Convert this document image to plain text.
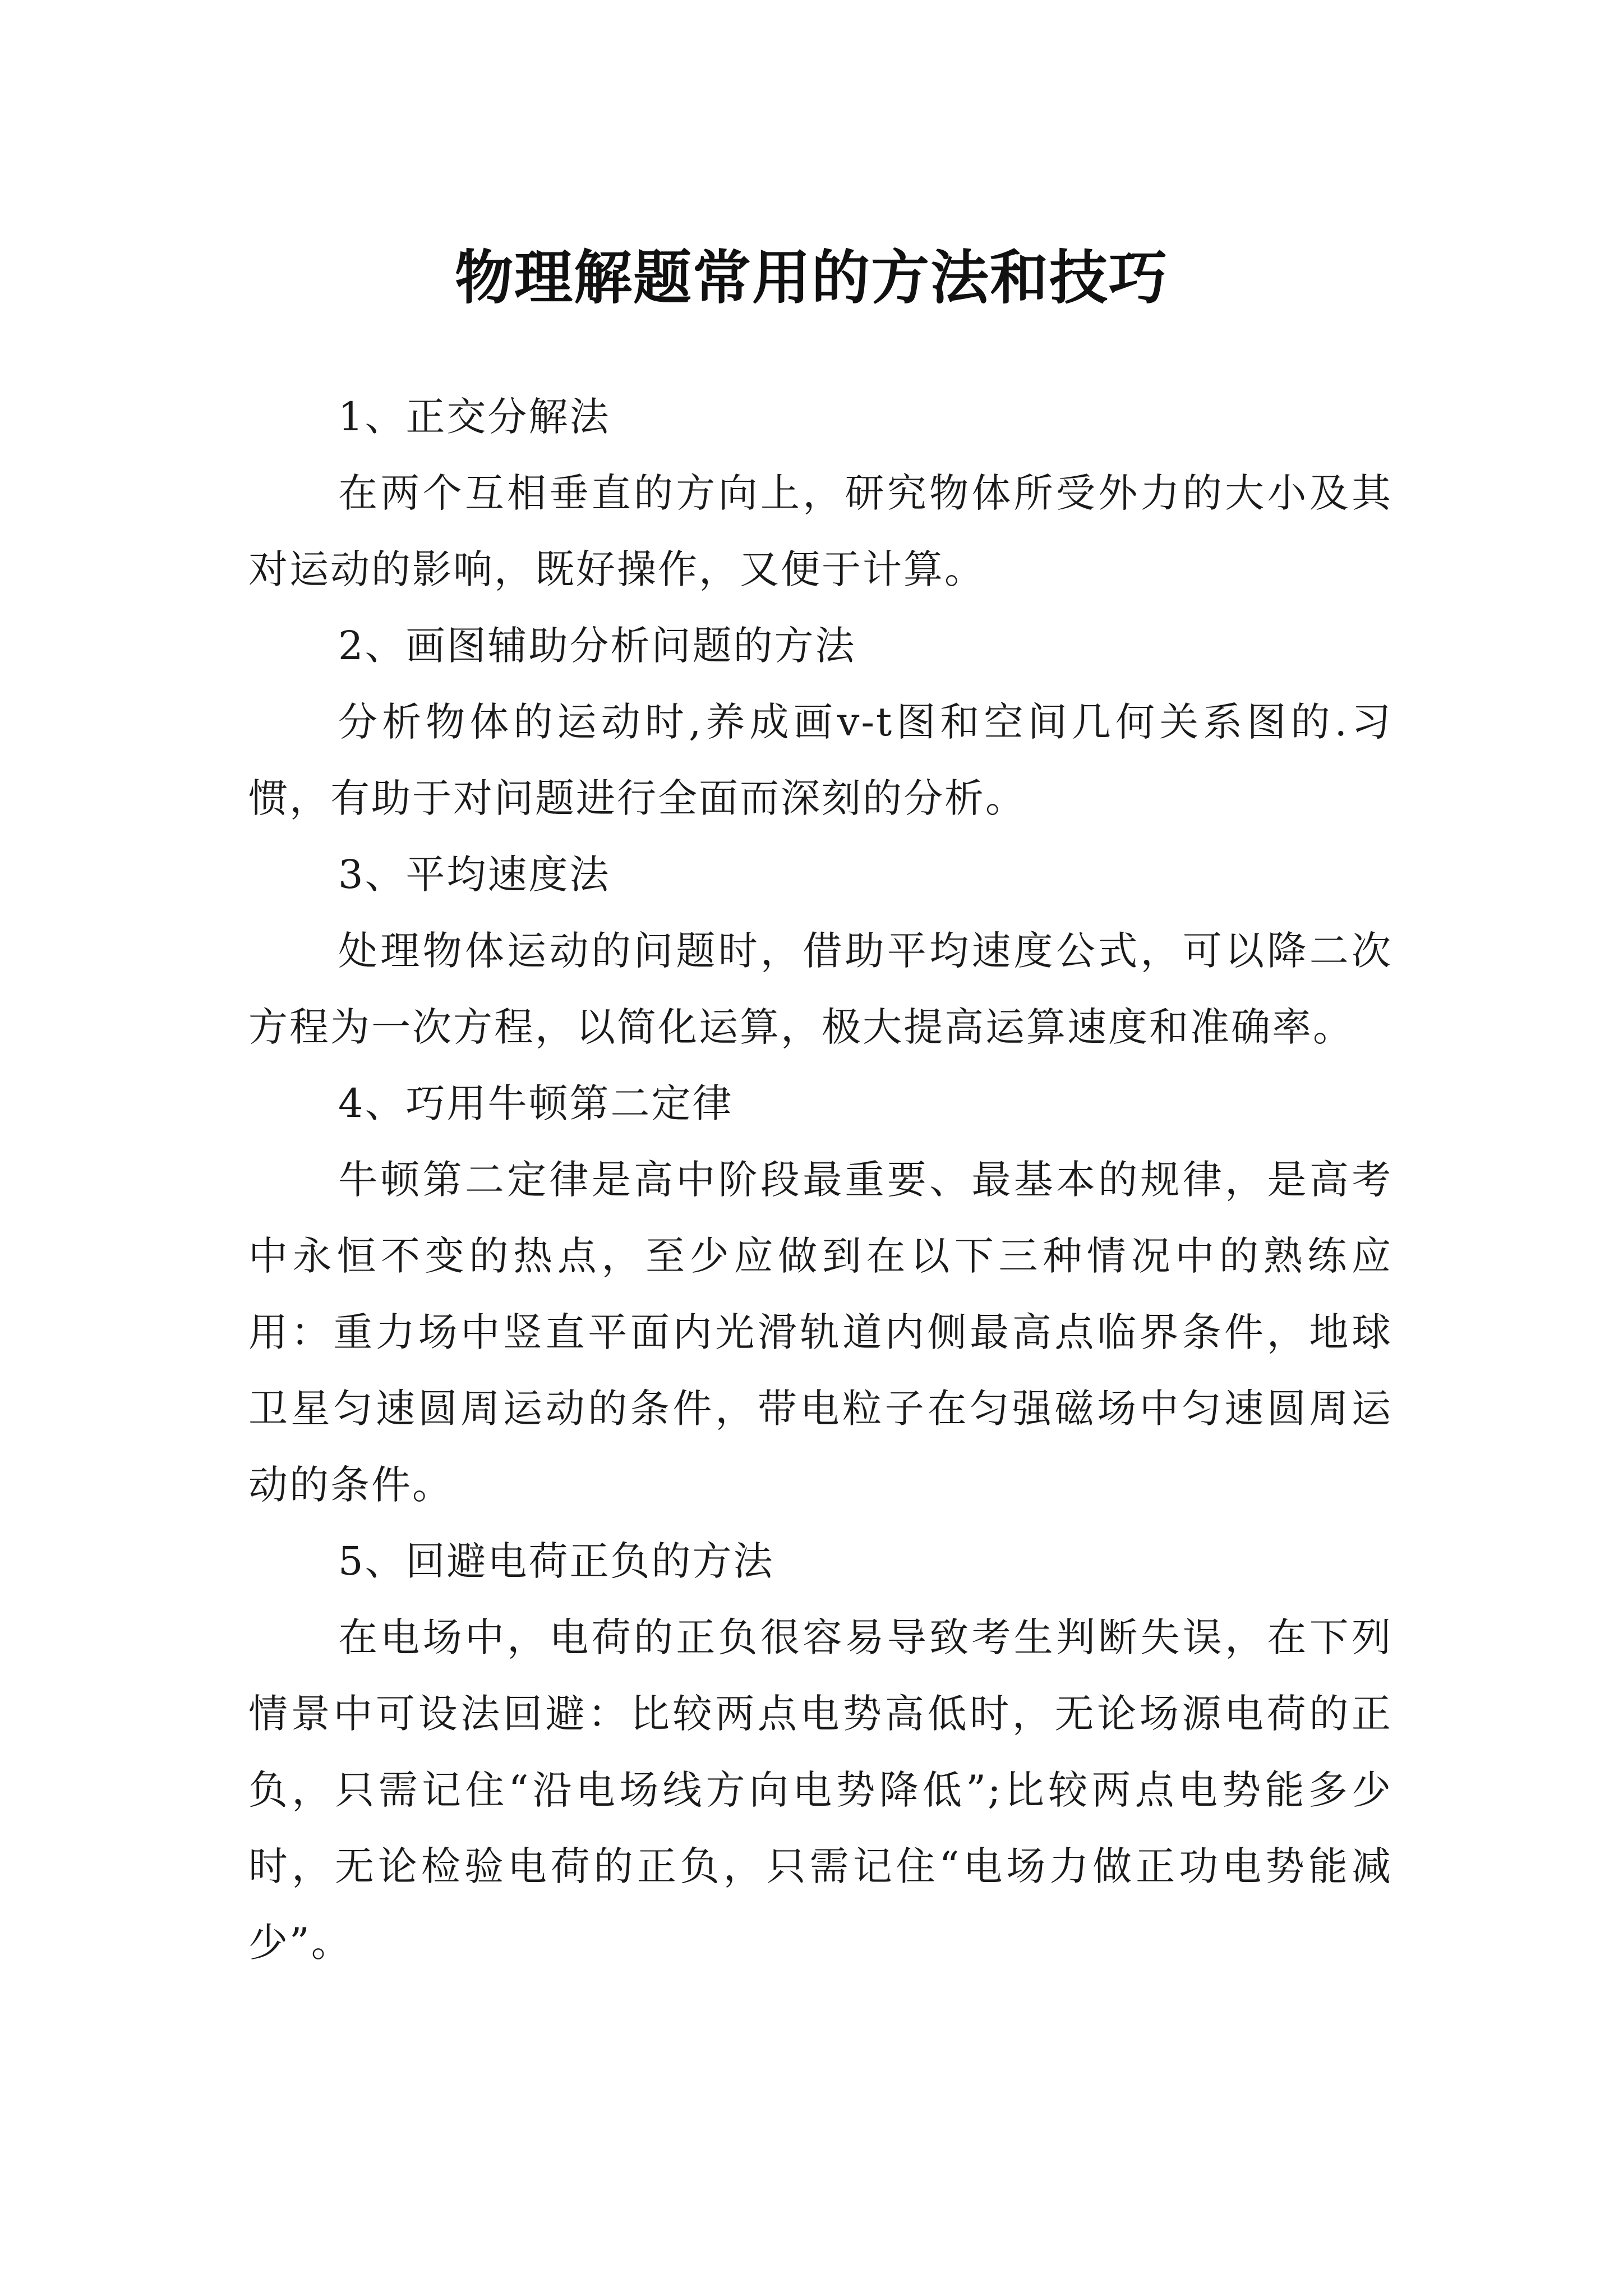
物理解题常用的方法和技巧

1、正交分解法

在两个互相垂直的方向上，研究物体所受外力的大小及其对运动的影响，既好操作，又便于计算。

2、画图辅助分析问题的方法

分析物体的运动时,养成画v-t图和空间几何关系图的.习惯，有助于对问题进行全面而深刻的分析。

3、平均速度法

处理物体运动的问题时，借助平均速度公式，可以降二次方程为一次方程，以简化运算，极大提高运算速度和准确率。

4、巧用牛顿第二定律

牛顿第二定律是高中阶段最重要、最基本的规律，是高考中永恒不变的热点，至少应做到在以下三种情况中的熟练应用：重力场中竖直平面内光滑轨道内侧最高点临界条件，地球卫星匀速圆周运动的条件，带电粒子在匀强磁场中匀速圆周运动的条件。

5、回避电荷正负的方法

在电场中，电荷的正负很容易导致考生判断失误，在下列情景中可设法回避：比较两点电势高低时，无论场源电荷的正负，只需记住“沿电场线方向电势降低”;比较两点电势能多少时，无论检验电荷的正负，只需记住“电场力做正功电势能减少”。
